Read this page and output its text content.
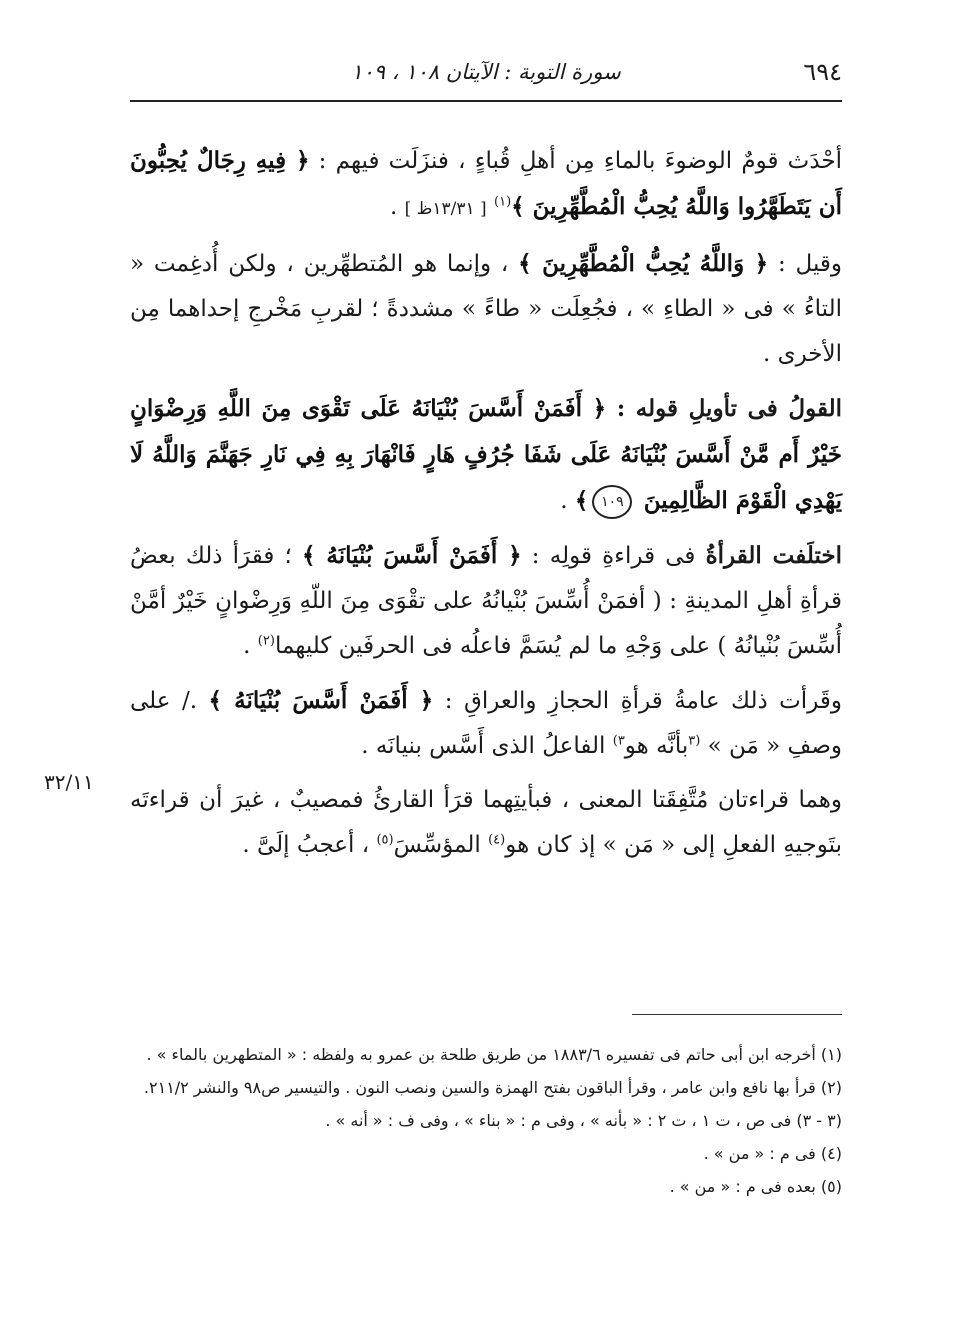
٦٩٤
سورة التوبة : الآيتان ١٠٨ ، ١٠٩
٣٢/١١

أحْدَث قومٌ الوضوءَ بالماءِ مِن أهلِ قُباءٍ ، فنزَلَت فيهم : ﴿ فِيهِ رِجَالٌ يُحِبُّونَ أَن يَتَطَهَّرُوا وَاللَّهُ يُحِبُّ الْمُطَّهِّرِينَ ﴾$^{(١)}$ [ ١٣/٣١ظ ] .

وقيل : ﴿ وَاللَّهُ يُحِبُّ الْمُطَّهِّرِينَ ﴾ ، وإنما هو المُتطهِّرين ، ولكن أُدغِمت « التاءُ » فى « الطاءِ » ، فجُعِلَت « طاءً » مشددةً ؛ لقربِ مَخْرجِ إحداهما مِن الأخرى .

القولُ فى تأويلِ قوله : ﴿ أَفَمَنْ أَسَّسَ بُنْيَانَهُ عَلَى تَقْوَى مِنَ اللَّهِ وَرِضْوَانٍ خَيْرٌ أَم مَّنْ أَسَّسَ بُنْيَانَهُ عَلَى شَفَا جُرُفٍ هَارٍ فَانْهَارَ بِهِ فِي نَارِ جَهَنَّمَ وَاللَّهُ لَا يَهْدِي الْقَوْمَ الظَّالِمِينَ ١٠٩﴾ .

اختلَفت القرأةُ فى قراءةِ قولِه : ﴿ أَفَمَنْ أَسَّسَ بُنْيَانَهُ ﴾ ؛ فقرَأ ذلك بعضُ قرأةِ أهلِ المدينةِ : ( أفمَنْ أُسِّسَ بُنْيانُهُ على تقْوَى مِنَ اللّهِ وَرِضْوانٍ خَيْرٌ أمَّنْ أُسِّسَ بُنْيانُهُ ) على وَجْهِ ما لم يُسَمَّ فاعلُه فى الحرفَين كليهما$^{(٢)}$ .

وقَرأت ذلك عامةُ قرأةِ الحجازِ والعراقِ : ﴿ أَفَمَنْ أَسَّسَ بُنْيَانَهُ ﴾ ./ على وصفِ « مَن » $^{(٣}$بأنَّه هو$^{٣)}$ الفاعلُ الذى أَسَّس بنيانَه .

وهما قراءتان مُتَّفِقَتا المعنى ، فبأيتِهما قرَأ القارئُ فمصيبٌ ، غيرَ أن قراءتَه بتَوجيهِ الفعلِ إلى « مَن » إذ كان هو$^{(٤)}$ المؤسِّسَ$^{(٥)}$ ، أعجبُ إلَىَّ .

(١) أخرجه ابن أبى حاتم فى تفسيره ١٨٨٣/٦ من طريق طلحة بن عمرو به ولفظه : « المتطهرين بالماء » .

(٢) قرأ بها نافع وابن عامر ، وقرأ الباقون بفتح الهمزة والسين ونصب النون . والتيسير ص٩٨ والنشر ٢١١/٢.

(٣ - ٣) فى ص ، ت ١ ، ت ٢ : « بأنه » ، وفى م : « بناء » ، وفى ف : « أنه » .

(٤) فى م : « من » .

(٥) بعده فى م : « من » .
